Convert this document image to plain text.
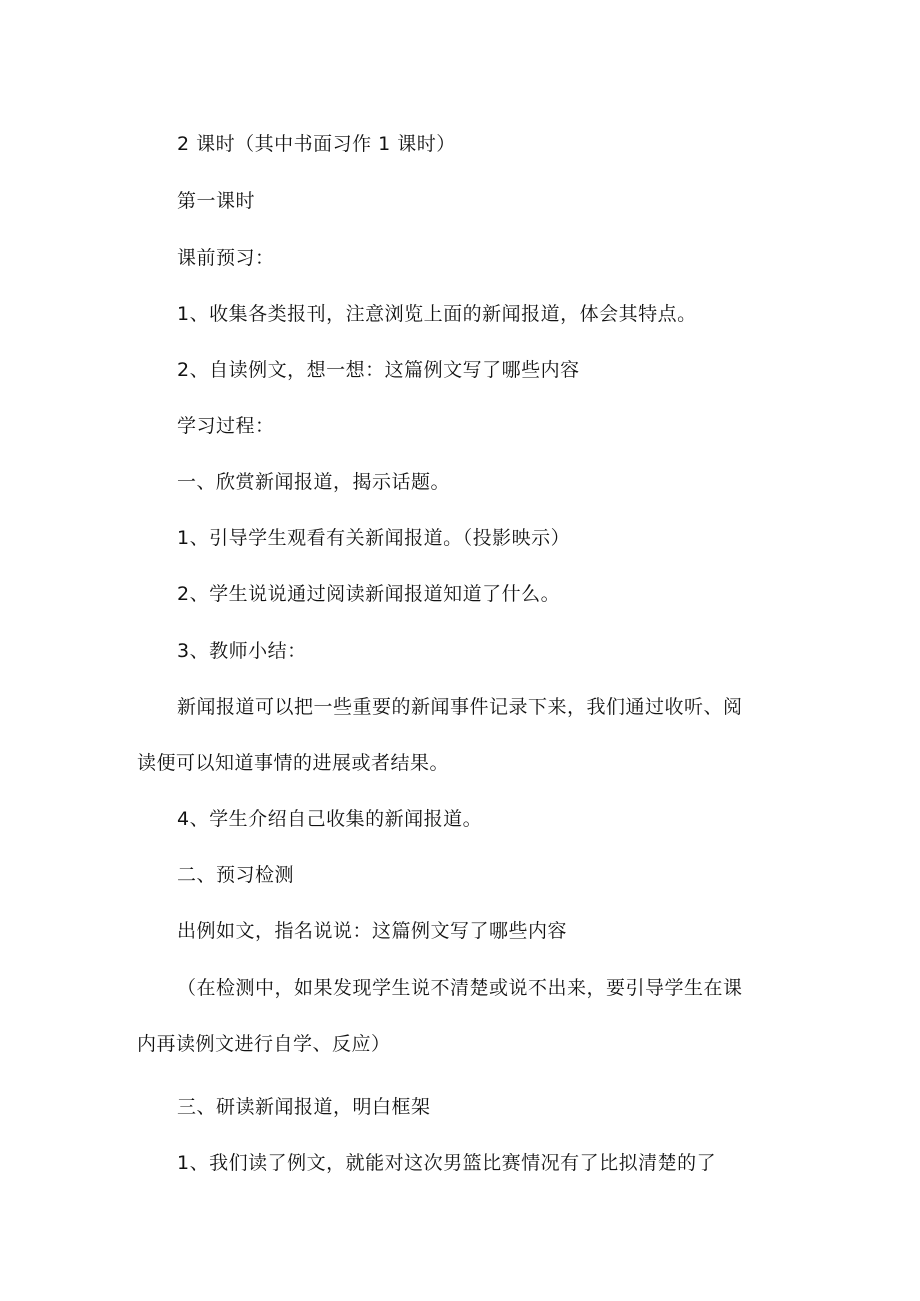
2 课时（其中书面习作 1 课时）
第一课时
课前预习：
1、收集各类报刊，注意浏览上面的新闻报道，体会其特点。
2、自读例文，想一想：这篇例文写了哪些内容
学习过程：
一、欣赏新闻报道，揭示话题。
1、引导学生观看有关新闻报道。（投影映示）
2、学生说说通过阅读新闻报道知道了什么。
3、教师小结：
新闻报道可以把一些重要的新闻事件记录下来，我们通过收听、阅
读便可以知道事情的进展或者结果。
4、学生介绍自己收集的新闻报道。
二、预习检测
出例如文，指名说说：这篇例文写了哪些内容
（在检测中，如果发现学生说不清楚或说不出来，要引导学生在课
内再读例文进行自学、反应）
三、研读新闻报道，明白框架
1、我们读了例文，就能对这次男篮比赛情况有了比拟清楚的了
